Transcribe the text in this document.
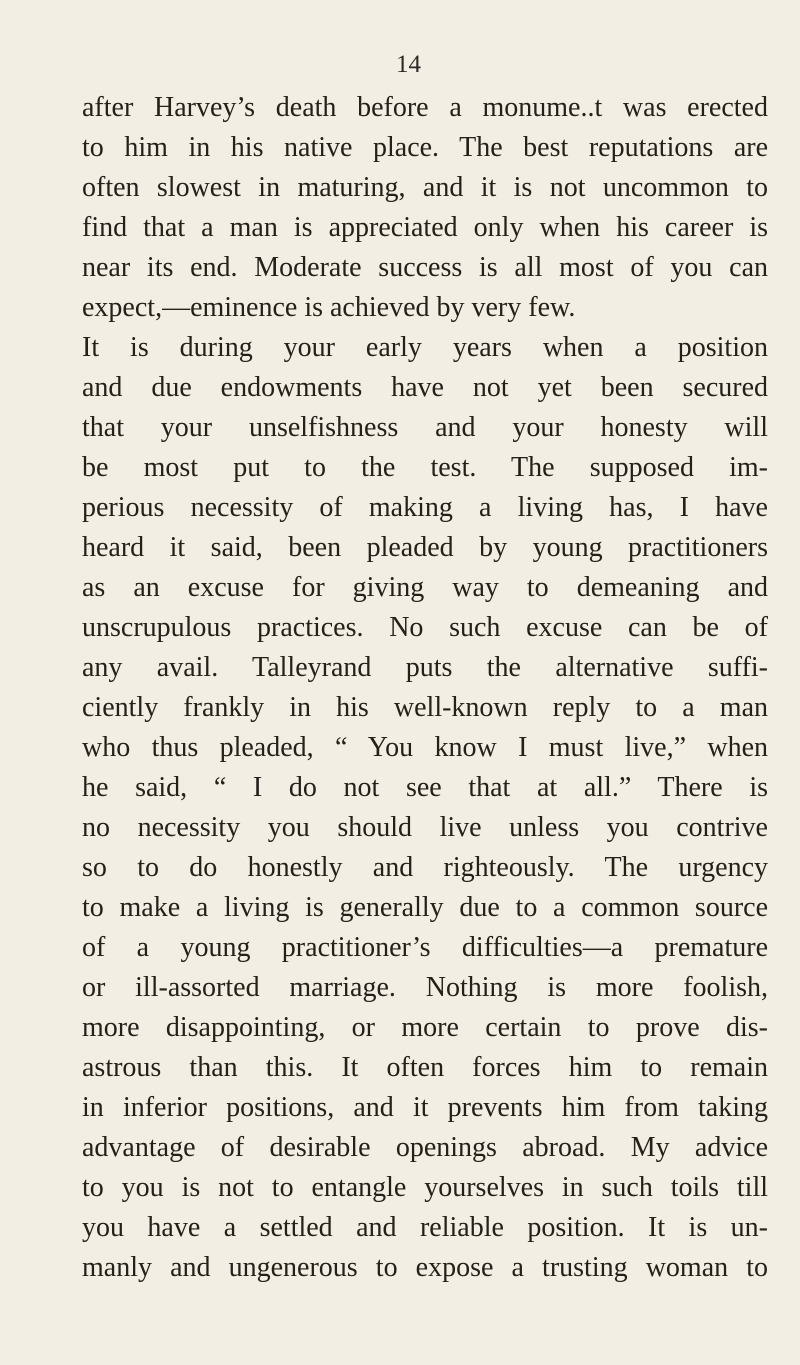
14
after Harvey’s death before a monume..t was erected
to him in his native place. The best reputations are
often slowest in maturing, and it is not uncommon to
find that a man is appreciated only when his career is
near its end. Moderate success is all most of you can
expect,—eminence is achieved by very few.
It is during your early years when a position
and due endowments have not yet been secured
that your unselfishness and your honesty will
be most put to the test. The supposed im-
perious necessity of making a living has, I have
heard it said, been pleaded by young practitioners
as an excuse for giving way to demeaning and
unscrupulous practices. No such excuse can be of
any avail. Talleyrand puts the alternative suffi-
ciently frankly in his well-known reply to a man
who thus pleaded, “ You know I must live,” when
he said, “ I do not see that at all.” There is
no necessity you should live unless you contrive
so to do honestly and righteously. The urgency
to make a living is generally due to a common source
of a young practitioner’s difficulties—a premature
or ill-assorted marriage. Nothing is more foolish,
more disappointing, or more certain to prove dis-
astrous than this. It often forces him to remain
in inferior positions, and it prevents him from taking
advantage of desirable openings abroad. My advice
to you is not to entangle yourselves in such toils till
you have a settled and reliable position. It is un-
manly and ungenerous to expose a trusting woman to
